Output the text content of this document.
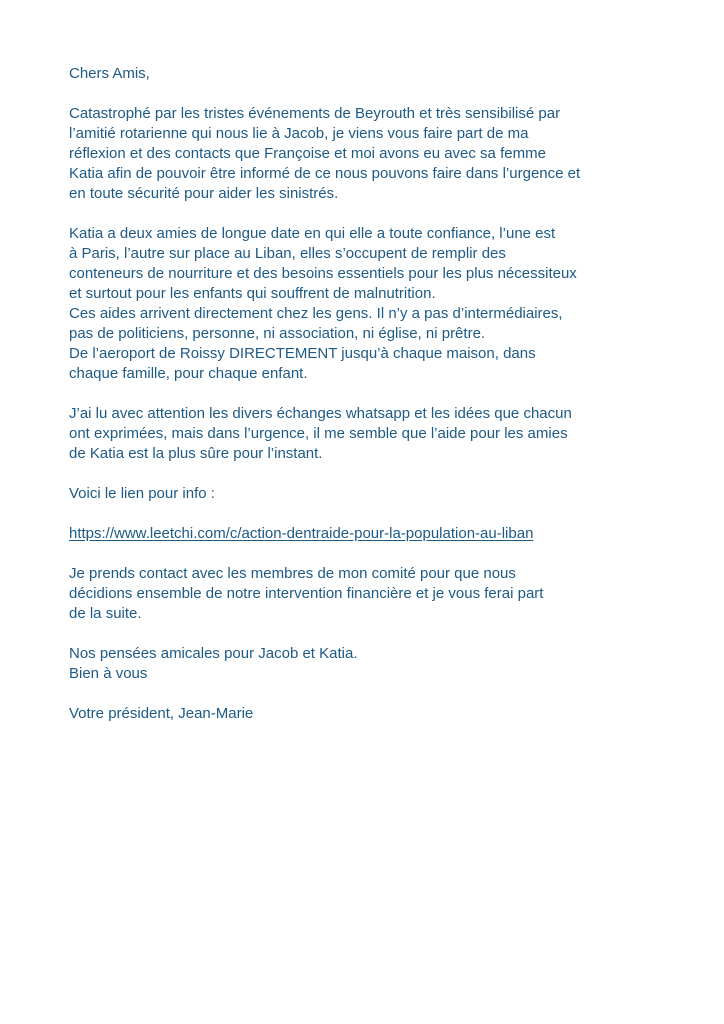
Chers Amis,

Catastrophé par les tristes événements de Beyrouth et très sensibilisé par
l’amitié rotarienne qui nous lie à Jacob, je viens vous faire part de ma
réflexion et des contacts que Françoise et moi avons eu avec sa femme
Katia afin de pouvoir être informé de ce nous pouvons faire dans l’urgence et
en toute sécurité pour aider les sinistrés.

Katia a deux amies de longue date en qui elle a toute confiance, l’une est
à Paris, l’autre sur place au Liban, elles s’occupent de remplir des
conteneurs de nourriture et des besoins essentiels pour les plus nécessiteux
et surtout pour les enfants qui souffrent de malnutrition.
Ces aides arrivent directement chez les gens. Il n’y a pas d’intermédiaires,
pas de politiciens, personne, ni association, ni église, ni prêtre.
De l’aeroport de Roissy DIRECTEMENT jusqu’à chaque maison, dans
chaque famille, pour chaque enfant.

J’ai lu avec attention les divers échanges whatsapp et les idées que chacun
ont exprimées, mais dans l’urgence, il me semble que l’aide pour les amies
de Katia est la plus sûre pour l’instant.

Voici le lien pour info :

https://www.leetchi.com/c/action-dentraide-pour-la-population-au-liban

Je prends contact avec les membres de mon comité pour que nous
décidions ensemble de notre intervention financière et je vous ferai part
de la suite.

Nos pensées amicales pour Jacob et Katia.
Bien à vous

Votre président, Jean-Marie
